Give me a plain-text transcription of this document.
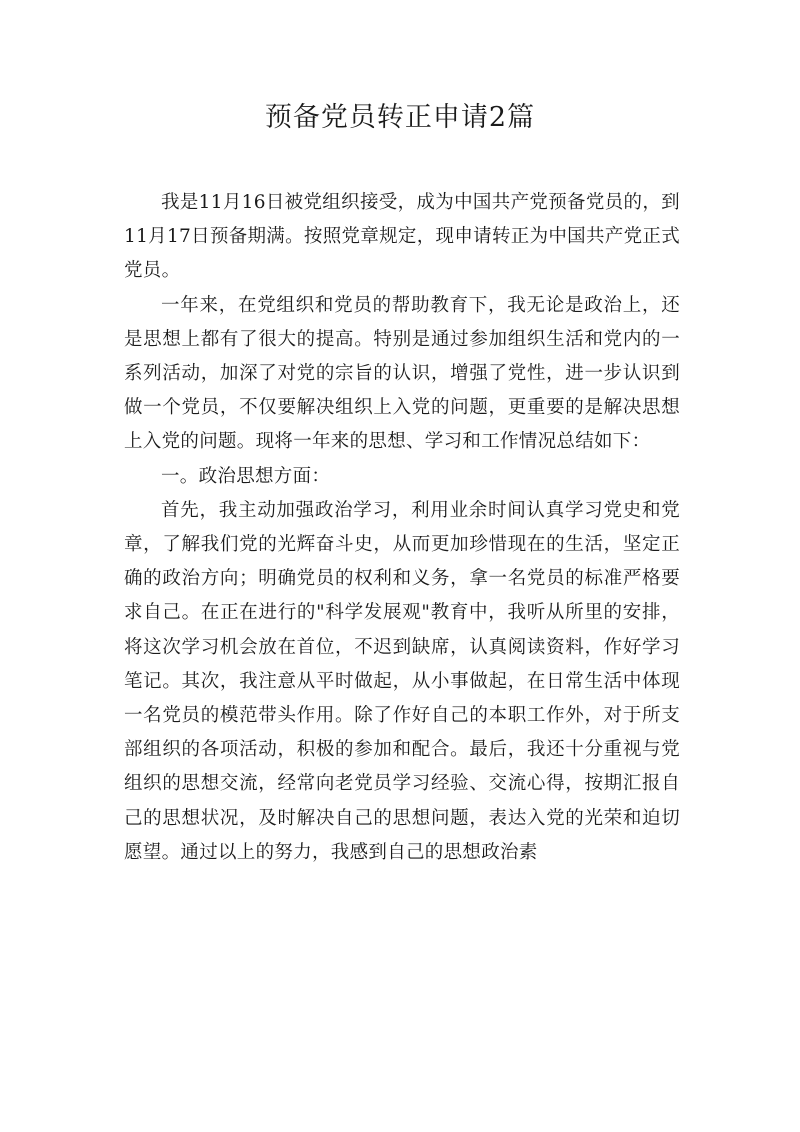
预备党员转正申请2篇

我是11月16日被党组织接受，成为中国共产党预备党员的，到11月17日预备期满。按照党章规定，现申请转正为中国共产党正式党员。

一年来，在党组织和党员的帮助教育下，我无论是政治上，还是思想上都有了很大的提高。特别是通过参加组织生活和党内的一系列活动，加深了对党的宗旨的认识，增强了党性，进一步认识到做一个党员，不仅要解决组织上入党的问题，更重要的是解决思想上入党的问题。现将一年来的思想、学习和工作情况总结如下：

一。政治思想方面：

首先，我主动加强政治学习，利用业余时间认真学习党史和党章，了解我们党的光辉奋斗史，从而更加珍惜现在的生活，坚定正确的政治方向；明确党员的权利和义务，拿一名党员的标准严格要求自己。在正在进行的"科学发展观"教育中，我听从所里的安排，将这次学习机会放在首位，不迟到缺席，认真阅读资料，作好学习笔记。其次，我注意从平时做起，从小事做起，在日常生活中体现一名党员的模范带头作用。除了作好自己的本职工作外，对于所支部组织的各项活动，积极的参加和配合。最后，我还十分重视与党组织的思想交流，经常向老党员学习经验、交流心得，按期汇报自己的思想状况，及时解决自己的思想问题，表达入党的光荣和迫切愿望。通过以上的努力，我感到自己的思想政治素
